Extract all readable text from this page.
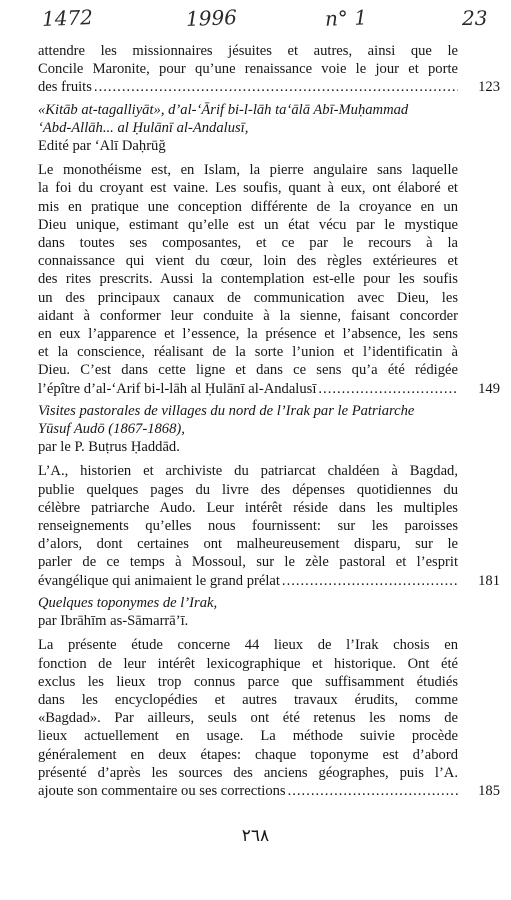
1472	1996	n° 1	23
attendre les missionnaires jésuites et autres, ainsi que le
Concile Maronite, pour qu’une renaissance voie le jour et porte
des fruits .....	123
«Kitāb at-tagalliyāt», d’al-‘Ārif bi-l-lāh ta‘ālā Abī-Muḥammad
‘Abd-Allāh... al Ḥulānī al-Andalusī,
Edité par ‘Alī Daḥrūğ
Le monothéisme est, en Islam, la pierre angulaire sans laquelle
la foi du croyant est vaine. Les soufis, quant à eux, ont élaboré et
mis en pratique une conception différente de la croyance en un
Dieu unique, estimant qu’elle est un état vécu par le mystique
dans toutes ses composantes, et ce par le recours à la
connaissance qui vient du cœur, loin des règles extérieures et
des rites prescrits. Aussi la contemplation est-elle pour les soufis
un des principaux canaux de communication avec Dieu, les
aidant à conformer leur conduite à la sienne, faisant concorder
en eux l’apparence et l’essence, la présence et l’absence, les sens
et la conscience, réalisant de la sorte l’union et l’identificatin à
Dieu. C’est dans cette ligne et dans ce sens qu’a été rédigée
l’épître d’al-‘Arif bi-l-lāh al Ḥulānī al-Andalusī .....	149
Visites pastorales de villages du nord de l’Irak par le Patriarche
Yūsuf Audō (1867-1868),
par le P. Buṭrus Ḥaddād.
L’A., historien et archiviste du patriarcat chaldéen à Bagdad,
publie quelques pages du livre des dépenses quotidiennes du
célèbre patriarche Audo. Leur intérêt réside dans les multiples
renseignements qu’elles nous fournissent: sur les paroisses
d’alors, dont certaines ont malheureusement disparu, sur le
parler de ce temps à Mossoul, sur le zèle pastoral et l’esprit
évangélique qui animaient le grand prélat .....	181
Quelques toponymes de l’Irak,
par Ibrāhīm as-Sāmarrā’ī.
La présente étude concerne 44 lieux de l’Irak chosis en
fonction de leur intérêt lexicographique et historique. Ont été
exclus les lieux trop connus parce que suffisamment étudiés
dans les encyclopédies et autres travaux érudits, comme
«Bagdad». Par ailleurs, seuls ont été retenus les noms de
lieux actuellement en usage. La méthode suivie procède
généralement en deux étapes: chaque toponyme est d’abord
présenté d’après les sources des anciens géographes, puis l’A.
ajoute son commentaire ou ses corrections .....	185
٢٦٨
